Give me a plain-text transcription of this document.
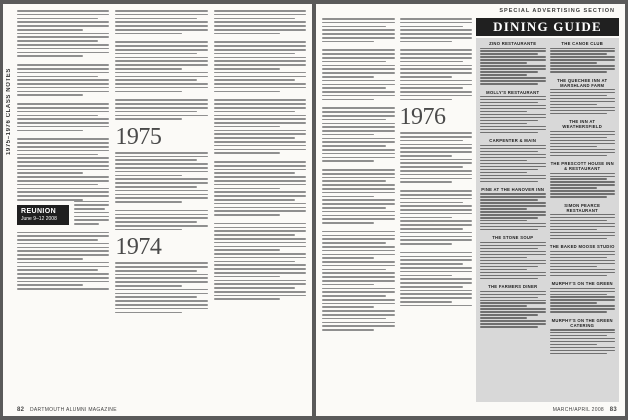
1975–1976 CLASS NOTES
REUNION
June 9–12 2008
1975
1974
82 DARTMOUTH ALUMNI MAGAZINE
SPECIAL ADVERTISING SECTION
1976
DINING GUIDE
ZINO RESTAURANTE
MOLLY'S RESTAURANT
CARPENTER & MAIN
PINE AT THE HANOVER INN
THE STONE SOUP
THE FARMERS DINER
THE CANOE CLUB
THE QUECHEE INN AT MARSHLAND FARM
THE INN AT WEATHERSFIELD
THE PRESCOTT HOUSE INN & RESTAURANT
SIMON PEARCE RESTAURANT
THE BAKED MOOSE STUDIO
MURPHY'S ON THE GREEN
MURPHY'S ON THE GREEN CATERING
MARCH/APRIL 2008 83
